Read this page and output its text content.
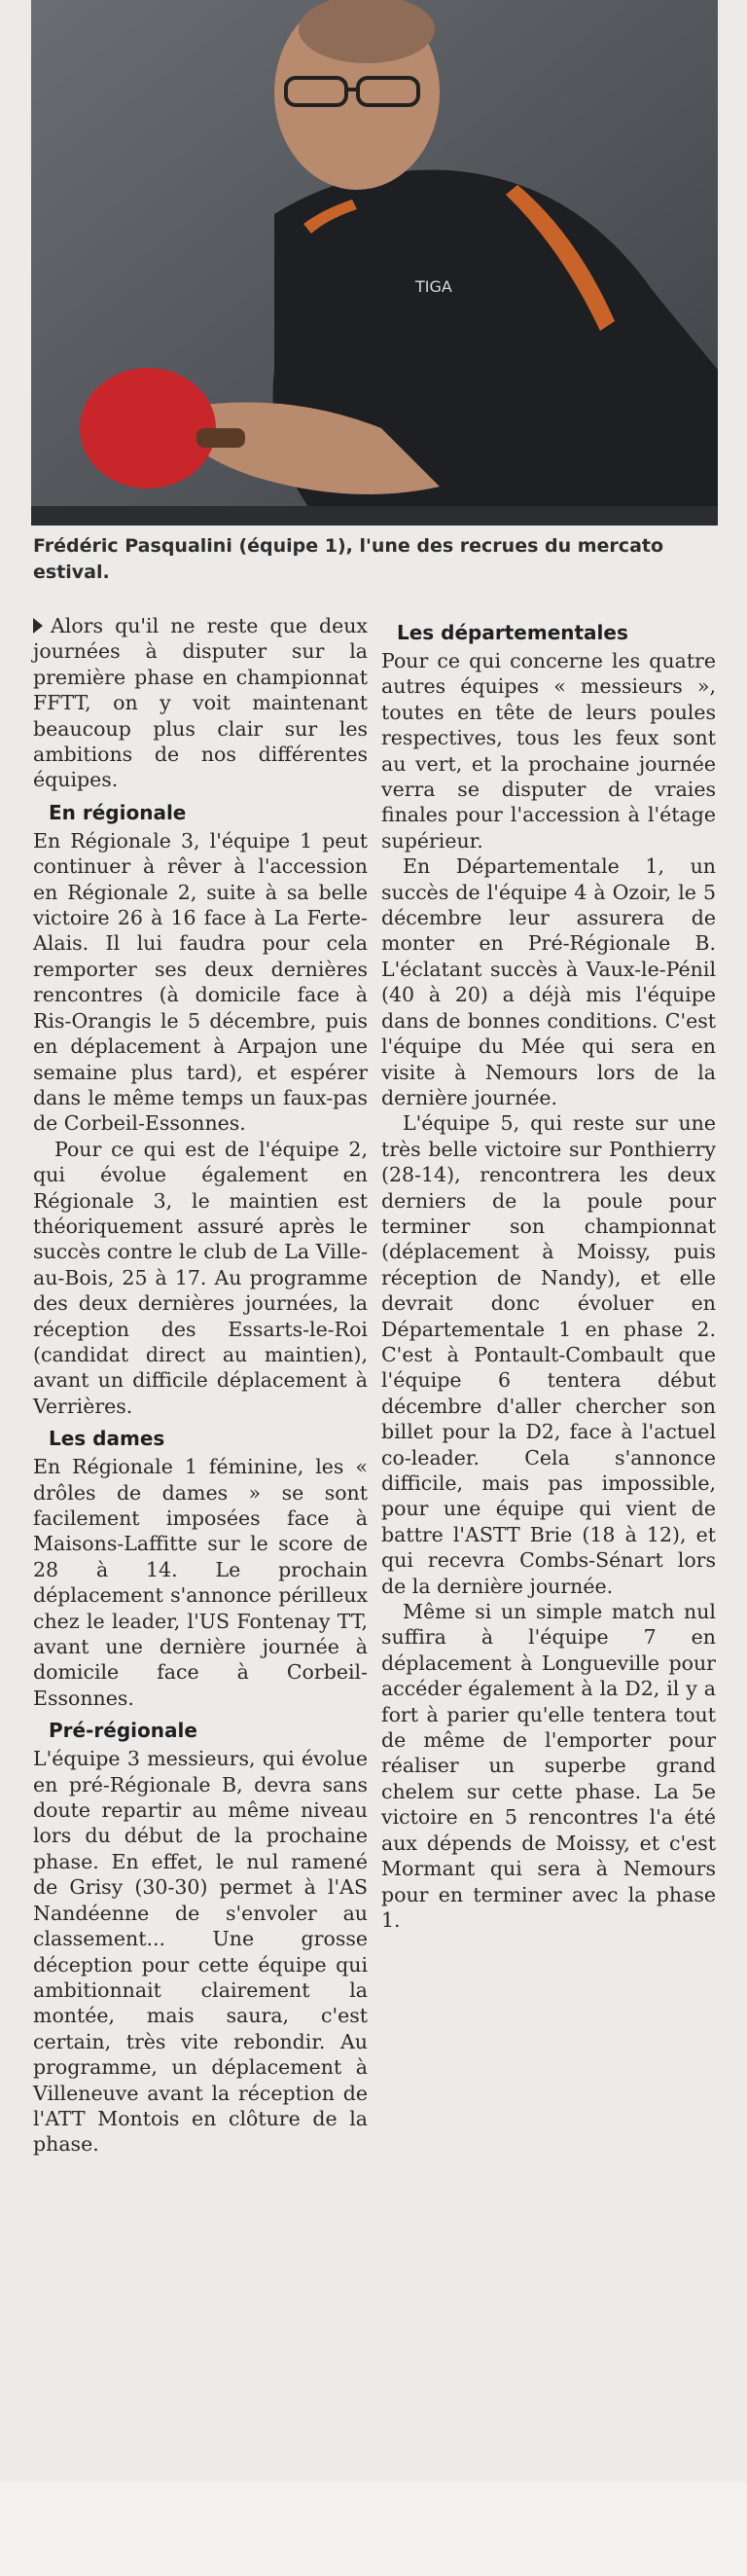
TIGA
Frédéric Pasqualini (équipe 1), l'une des recrues du mercato estival.

Alors qu'il ne reste que deux journées à disputer sur la première phase en championnat FFTT, on y voit maintenant beaucoup plus clair sur les ambitions de nos différentes équipes.

En régionale

En Régionale 3, l'équipe 1 peut continuer à rêver à l'accession en Régionale 2, suite à sa belle victoire 26 à 16 face à La Ferte-Alais. Il lui faudra pour cela remporter ses deux dernières rencontres (à domicile face à Ris-Orangis le 5 décembre, puis en déplacement à Arpajon une semaine plus tard), et espérer dans le même temps un faux-pas de Corbeil-Essonnes.

Pour ce qui est de l'équipe 2, qui évolue également en Régionale 3, le maintien est théoriquement assuré après le succès contre le club de La Ville-au-Bois, 25 à 17. Au programme des deux dernières journées, la réception des Essarts-le-Roi (candidat direct au maintien), avant un difficile déplacement à Verrières.

Les dames

En Régionale 1 féminine, les « drôles de dames » se sont facilement imposées face à Maisons-Laffitte sur le score de 28 à 14. Le prochain déplacement s'annonce périlleux chez le leader, l'US Fontenay TT, avant une dernière journée à domicile face à Corbeil-Essonnes.

Pré-régionale

L'équipe 3 messieurs, qui évolue en pré-Régionale B, devra sans doute repartir au même niveau lors du début de la prochaine phase. En effet, le nul ramené de Grisy (30-30) permet à l'AS Nandéenne de s'envoler au classement... Une grosse déception pour cette équipe qui ambitionnait clairement la montée, mais saura, c'est certain, très vite rebondir. Au programme, un déplacement à Villeneuve avant la réception de l'ATT Montois en clôture de la phase.

Les départementales

Pour ce qui concerne les quatre autres équipes « messieurs », toutes en tête de leurs poules respectives, tous les feux sont au vert, et la prochaine journée verra se disputer de vraies finales pour l'accession à l'étage supérieur.

En Départementale 1, un succès de l'équipe 4 à Ozoir, le 5 décembre leur assurera de monter en Pré-Régionale B. L'éclatant succès à Vaux-le-Pénil (40 à 20) a déjà mis l'équipe dans de bonnes conditions. C'est l'équipe du Mée qui sera en visite à Nemours lors de la dernière journée.

L'équipe 5, qui reste sur une très belle victoire sur Ponthierry (28-14), rencontrera les deux derniers de la poule pour terminer son championnat (déplacement à Moissy, puis réception de Nandy), et elle devrait donc évoluer en Départementale 1 en phase 2. C'est à Pontault-Combault que l'équipe 6 tentera début décembre d'aller chercher son billet pour la D2, face à l'actuel co-leader. Cela s'annonce difficile, mais pas impossible, pour une équipe qui vient de battre l'ASTT Brie (18 à 12), et qui recevra Combs-Sénart lors de la dernière journée.

Même si un simple match nul suffira à l'équipe 7 en déplacement à Longueville pour accéder également à la D2, il y a fort à parier qu'elle tentera tout de même de l'emporter pour réaliser un superbe grand chelem sur cette phase. La 5e victoire en 5 rencontres l'a été aux dépends de Moissy, et c'est Mormant qui sera à Nemours pour en terminer avec la phase 1.
